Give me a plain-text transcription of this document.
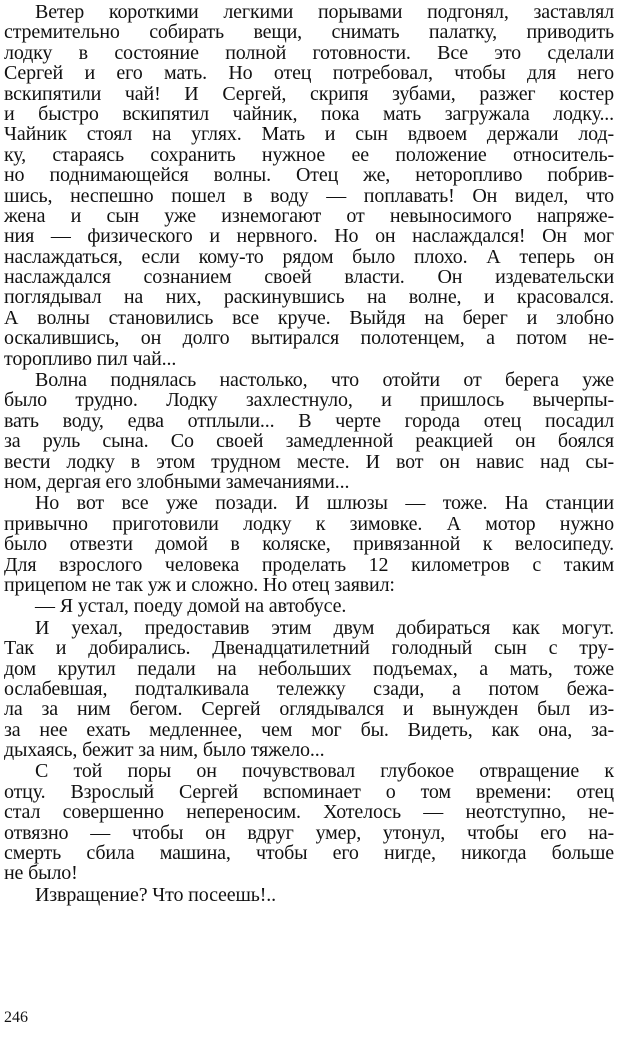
Ветер короткими легкими порывами подгонял, заставлял
стремительно собирать вещи, снимать палатку, приводить
лодку в состояние полной готовности. Все это сделали
Сергей и его мать. Но отец потребовал, чтобы для него
вскипятили чай! И Сергей, скрипя зубами, разжег костер
и быстро вскипятил чайник, пока мать загружала лодку...
Чайник стоял на углях. Мать и сын вдвоем держали лод-
ку, стараясь сохранить нужное ее положение относитель-
но поднимающейся волны. Отец же, неторопливо побрив-
шись, неспешно пошел в воду — поплавать! Он видел, что
жена и сын уже изнемогают от невыносимого напряже-
ния — физического и нервного. Но он наслаждался! Он мог
наслаждаться, если кому-то рядом было плохо. А теперь он
наслаждался сознанием своей власти. Он издевательски
поглядывал на них, раскинувшись на волне, и красовался.
А волны становились все круче. Выйдя на берег и злобно
оскалившись, он долго вытирался полотенцем, а потом не-
торопливо пил чай...
Волна поднялась настолько, что отойти от берега уже
было трудно. Лодку захлестнуло, и пришлось вычерпы-
вать воду, едва отплыли... В черте города отец посадил
за руль сына. Со своей замедленной реакцией он боялся
вести лодку в этом трудном месте. И вот он навис над сы-
ном, дергая его злобными замечаниями...
Но вот все уже позади. И шлюзы — тоже. На станции
привычно приготовили лодку к зимовке. А мотор нужно
было отвезти домой в коляске, привязанной к велосипеду.
Для взрослого человека проделать 12 километров с таким
прицепом не так уж и сложно. Но отец заявил:
— Я устал, поеду домой на автобусе.
И уехал, предоставив этим двум добираться как могут.
Так и добирались. Двенадцатилетний голодный сын с тру-
дом крутил педали на небольших подъемах, а мать, тоже
ослабевшая, подталкивала тележку сзади, а потом бежа-
ла за ним бегом. Сергей оглядывался и вынужден был из-
за нее ехать медленнее, чем мог бы. Видеть, как она, за-
дыхаясь, бежит за ним, было тяжело...
С той поры он почувствовал глубокое отвращение к
отцу. Взрослый Сергей вспоминает о том времени: отец
стал совершенно непереносим. Хотелось — неотступно, не-
отвязно — чтобы он вдруг умер, утонул, чтобы его на-
смерть сбила машина, чтобы его нигде, никогда больше
не было!
Извращение? Что посеешь!..
246
